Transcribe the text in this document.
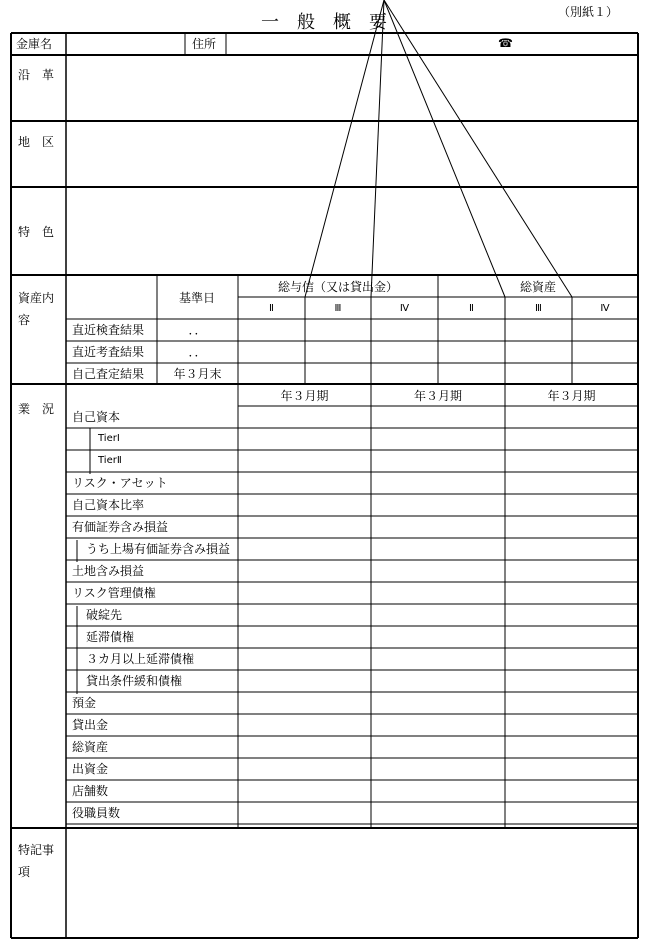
一　般　概　要	（別紙１）
金庫名	住所	☎
沿　革
地　区
特　色
資産内
容
業　況
特記事
項
基準日
総与信（又は貸出金）	総資産
Ⅱ	Ⅲ	Ⅳ	Ⅱ	Ⅲ	Ⅳ
直近検査結果	．．
直近考査結果	．．
自己査定結果	年３月末
年３月期	年３月期	年３月期
自己資本
TierⅠ
TierⅡ
リスク・アセット
自己資本比率
有価証券含み損益
うち上場有価証券含み損益
土地含み損益
リスク管理債権
破綻先
延滞債権
３カ月以上延滞債権
貸出条件緩和債権
預金
貸出金
総資産
出資金
店舗数
役職員数
